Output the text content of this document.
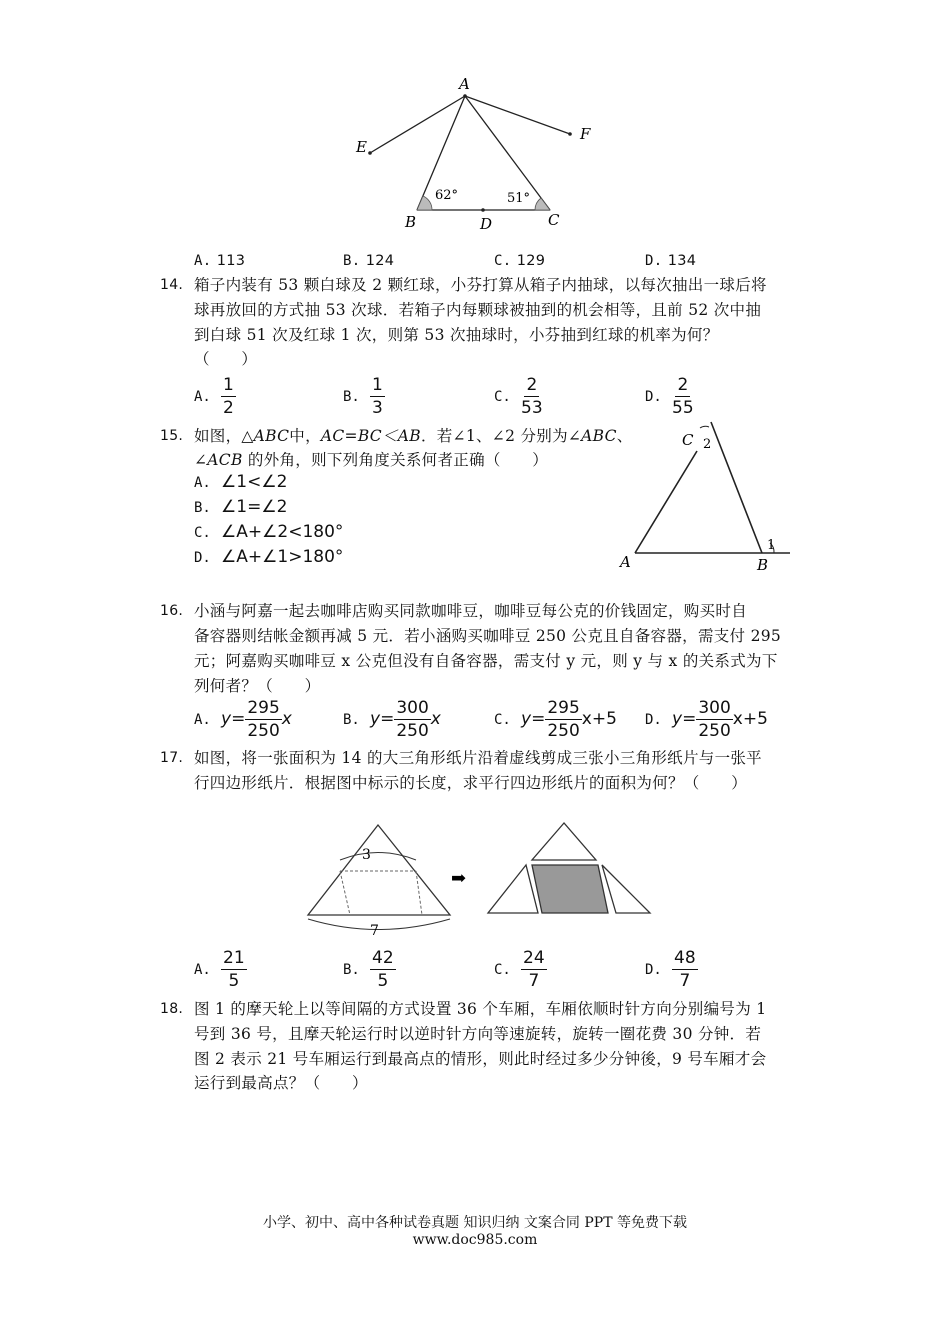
A
E
F
B	D	C
62°	51°
A. 113	B. 124	C. 129	D. 134
14. 箱子内装有 53 颗白球及 2 颗红球，小芬打算从箱子内抽球，以每次抽出一球后将
球再放回的方式抽 53 次球．若箱子内每颗球被抽到的机会相等，且前 52 次中抽
到白球 51 次及红球 1 次，则第 53 次抽球时，小芬抽到红球的机率为何？
（　　）
A. $\frac{1}{2}$	B. $\frac{1}{3}$	C. $\frac{2}{53}$	D. $\frac{2}{55}$
15. 如图，△ABC中，AC=BC＜AB．若∠1、∠2 分别为∠ABC、
∠ACB 的外角，则下列角度关系何者正确（　　）
A. ∠1<∠2
B. ∠1=∠2
C. ∠A+∠2<180°
D. ∠A+∠1>180°	A	B
C
1
2
16. 小涵与阿嘉一起去咖啡店购买同款咖啡豆，咖啡豆每公克的价钱固定，购买时自
备容器则结帐金额再减 5 元．若小涵购买咖啡豆 250 公克且自备容器，需支付 295
元；阿嘉购买咖啡豆 x 公克但没有自备容器，需支付 y 元，则 y 与 x 的关系式为下
列何者？（　　）
A. $y= \frac{295}{250}$ x	B. $y= \frac{300}{250}$ x	C. $y= \frac{295}{250} x+5$ D. $y= \frac{300}{250} x+5$
17. 如图，将一张面积为 14 的大三角形纸片沿着虚线剪成三张小三角形纸片与一张平
行四边形纸片．根据图中标示的长度，求平行四边形纸片的面积为何？（　　）
3
7
➡
A. $\frac{21}{5}$	B. $\frac{42}{5}$	C. $\frac{24}{7}$	D. $\frac{48}{7}$
18. 图 1 的摩天轮上以等间隔的方式设置 36 个车厢，车厢依顺时针方向分别编号为 1
号到 36 号，且摩天轮运行时以逆时针方向等速旋转，旋转一圈花费 30 分钟．若
图 2 表示 21 号车厢运行到最高点的情形，则此时经过多少分钟後，9 号车厢才会
运行到最高点？（　　）
小学、初中、高中各种试卷真题 知识归纳 文案合同 PPT 等免费下载
www.doc985.com
